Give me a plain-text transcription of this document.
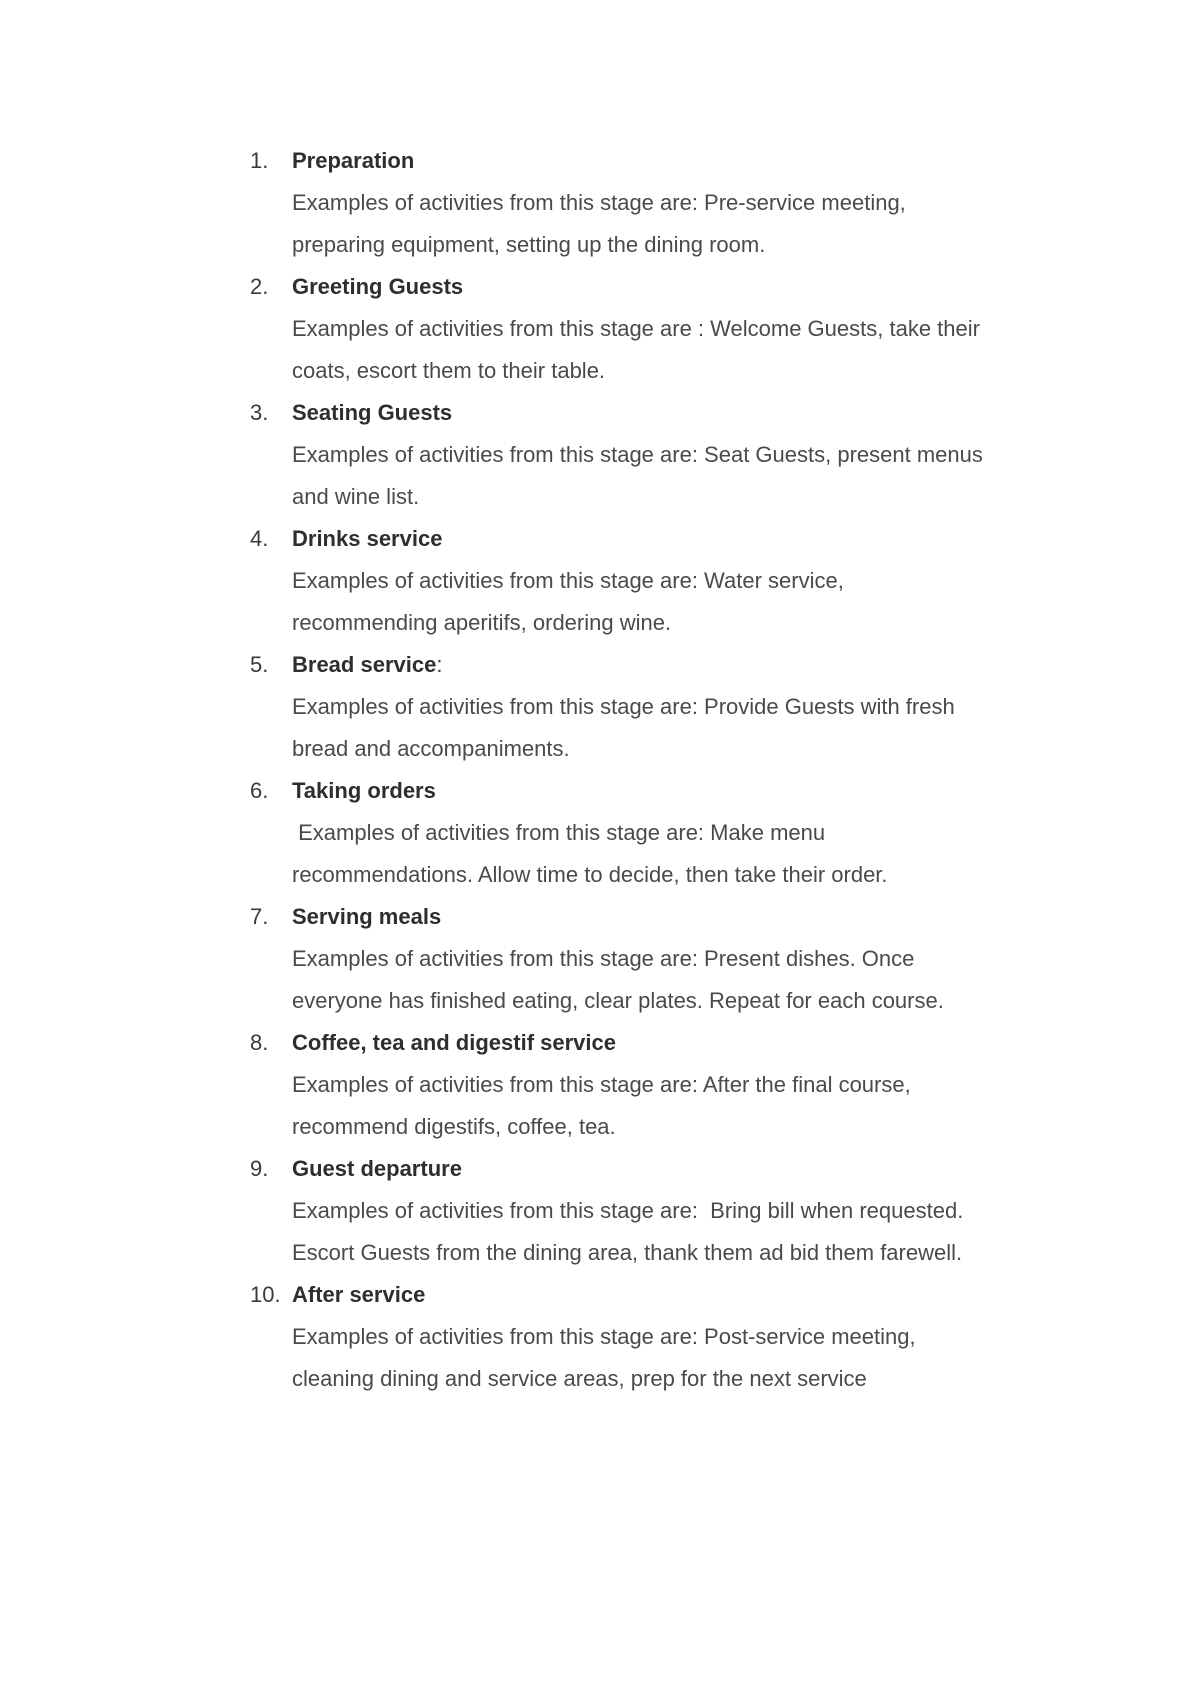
1. Preparation

Examples of activities from this stage are: Pre-service meeting,
preparing equipment, setting up the dining room.

2. Greeting Guests

Examples of activities from this stage are : Welcome Guests, take their
coats, escort them to their table.

3. Seating Guests

Examples of activities from this stage are: Seat Guests, present menus
and wine list.

4. Drinks service

Examples of activities from this stage are: Water service,
recommending aperitifs, ordering wine.

5. Bread service:

Examples of activities from this stage are: Provide Guests with fresh
bread and accompaniments.

6. Taking orders

Examples of activities from this stage are: Make menu
recommendations. Allow time to decide, then take their order.

7. Serving meals

Examples of activities from this stage are: Present dishes. Once
everyone has finished eating, clear plates. Repeat for each course.

8. Coffee, tea and digestif service

Examples of activities from this stage are: After the final course,
recommend digestifs, coffee, tea.

9. Guest departure

Examples of activities from this stage are:  Bring bill when requested.
Escort Guests from the dining area, thank them ad bid them farewell.

10. After service

Examples of activities from this stage are: Post-service meeting,
cleaning dining and service areas, prep for the next service
